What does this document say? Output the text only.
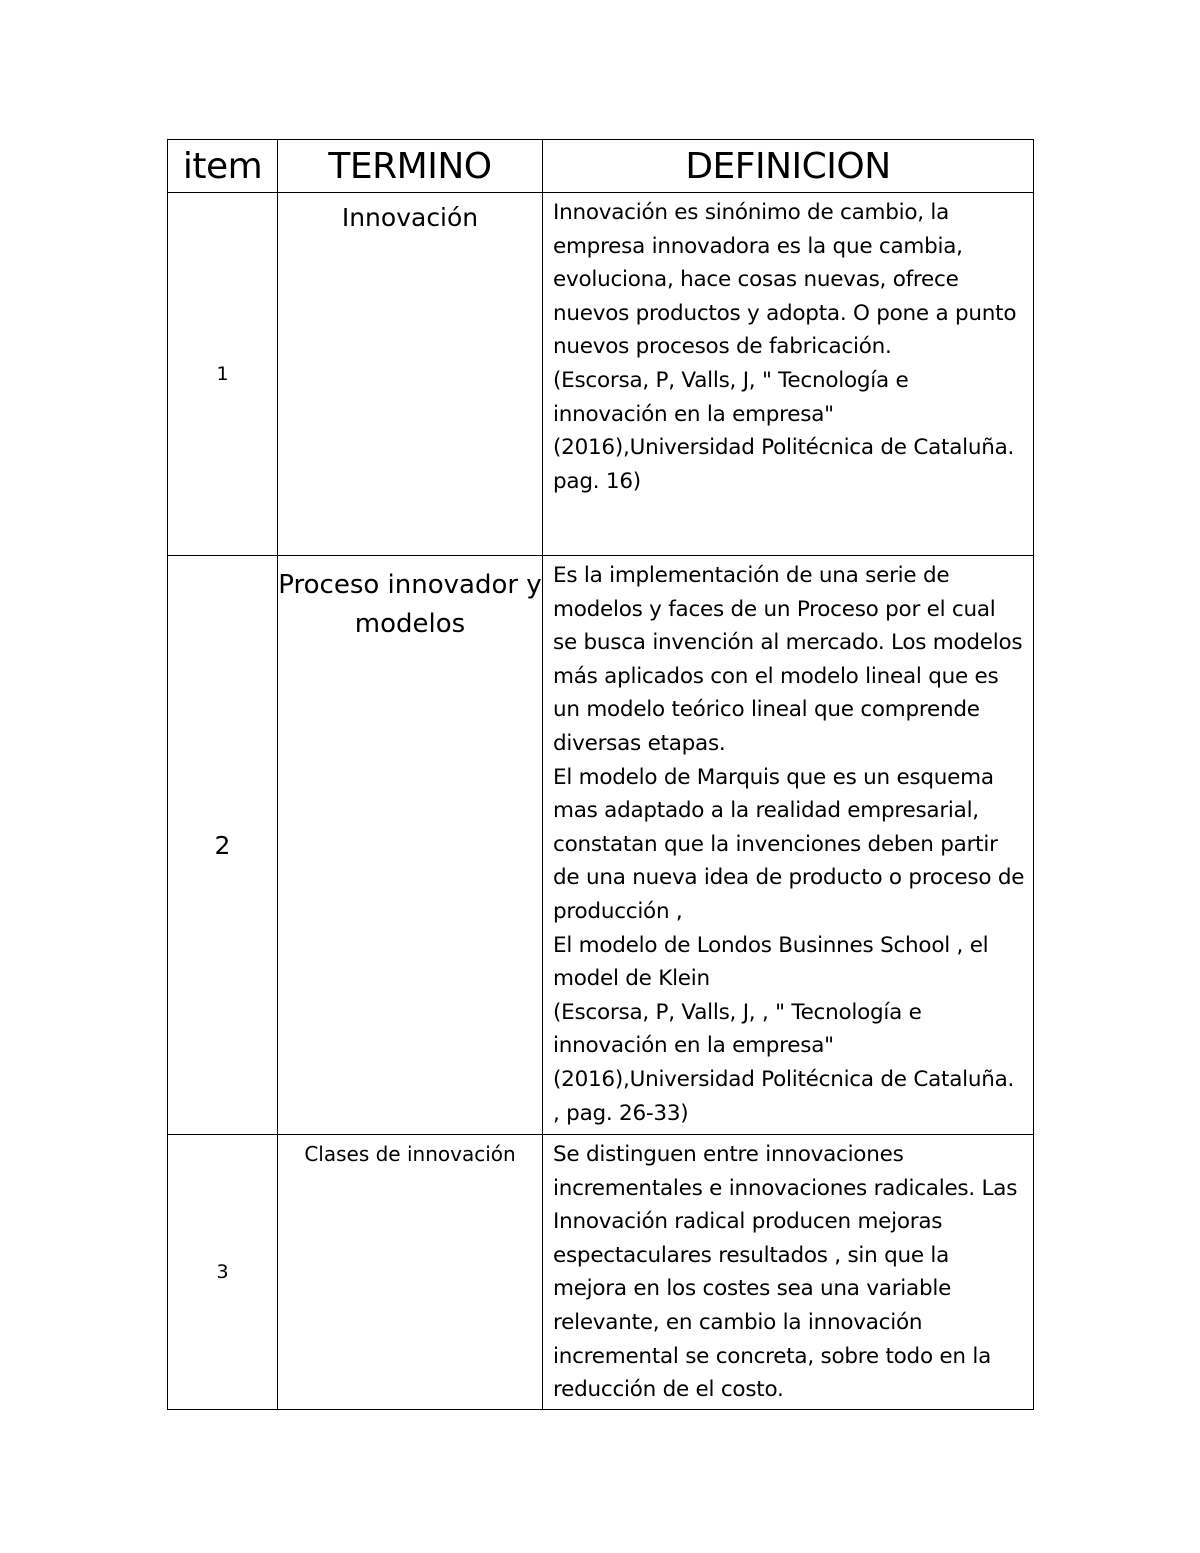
item	TERMINO	DEFINICION
1	Innovación	Innovación es sinónimo de cambio, la empresa innovadora es la que cambia, evoluciona, hace cosas nuevas, ofrece nuevos productos y adopta. O pone a punto nuevos procesos de fabricación.

(Escorsa, P, Valls, J, " Tecnología e innovación en la empresa"(2016),Universidad Politécnica de Cataluña. pag. 16)

2	Proceso innovador y modelos	Es la implementación de una serie de modelos y faces de un Proceso por el cual se busca invención al mercado. Los modelos más aplicados con el modelo lineal que es un modelo teórico lineal que comprende diversas etapas.

El modelo de Marquis que es un esquema mas adaptado a la realidad empresarial, constatan que la invenciones deben partir de una nueva idea de producto o proceso de producción ,

El modelo de Londos Businnes School , el model de Klein

(Escorsa, P, Valls, J, , " Tecnología e innovación en la empresa"(2016),Universidad Politécnica de Cataluña. , pag. 26-33)

3	Clases de innovación	Se distinguen entre innovaciones incrementales e innovaciones radicales. Las Innovación radical producen mejoras espectaculares resultados , sin que la mejora en los costes sea una variable relevante, en cambio la innovación incremental se concreta, sobre todo en la reducción de el costo.
